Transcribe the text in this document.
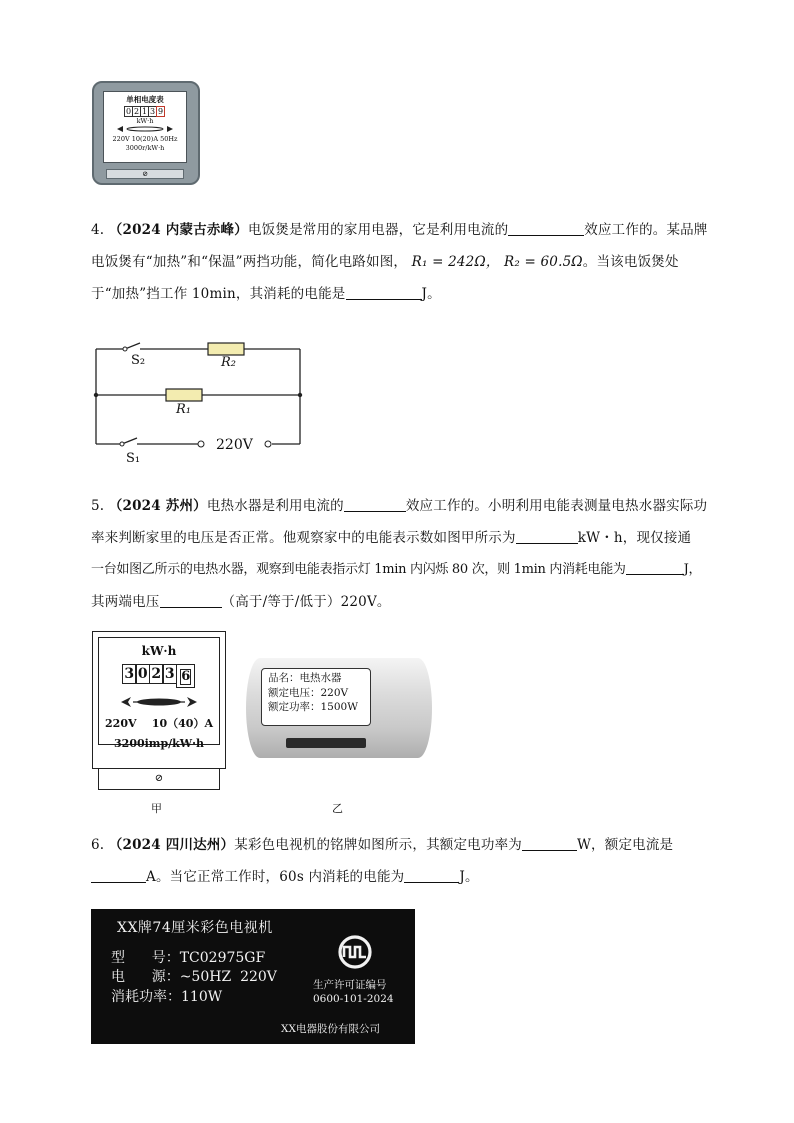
单相电度表
0 2 1 3 9
kW·h
220V 10(20)A 50Hz
3000r/kW·h
⊘
4. （2024 内蒙古赤峰）电饭煲是常用的家用电器，它是利用电流的	效应工作的。某品牌
电饭煲有“加热”和“保温”两挡功能，简化电路如图， R₁ = 242Ω， R₂ = 60.5Ω。当该电饭煲处
于“加热”挡工作 10min，其消耗的电能是	J。
S₂	R₂
R₁
S₁
220V
5. （2024 苏州）电热水器是利用电流的	效应工作的。小明利用电能表测量电热水器实际功
率来判断家里的电压是否正常。他观察家中的电能表示数如图甲所示为	kW・h，现仅接通
一台如图乙所示的电热水器，观察到电能表指示灯 1min 内闪烁 80 次，则 1min 内消耗电能为	J，
其两端电压	（高于/等于/低于）220V。
kW·h
3 0 2 3 6
220V    10（40）A
3200imp/kW·h
⊘
甲
品名：电热水器
额定电压：220V
额定功率：1500W
乙
6. （2024 四川达州）某彩色电视机的铭牌如图所示，其额定电功率为	W，额定电流是
A。当它正常工作时，60s 内消耗的电能为	J。
XX牌74厘米彩色电视机
型      号：TC02975GF
电      源：~50HZ  220V
消耗功率：110W
生产许可证编号
0600-101-2024
XX电器股份有限公司
